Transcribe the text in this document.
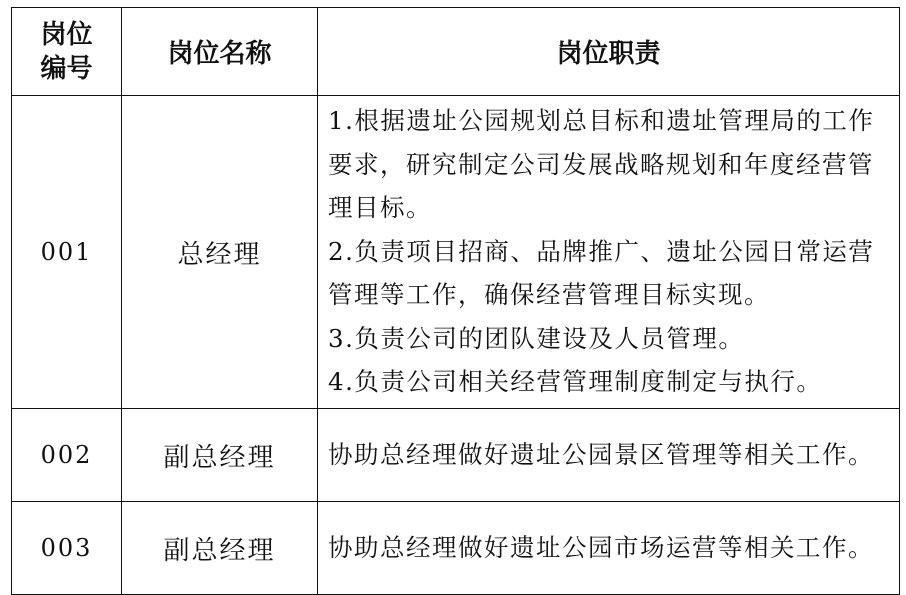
岗位
编号	岗位名称	岗位职责
001	总经理	1.根据遗址公园规划总目标和遗址管理局的工作要求，研究制定公司发展战略规划和年度经营管理目标。

2.负责项目招商、品牌推广、遗址公园日常运营管理等工作，确保经营管理目标实现。

3.负责公司的团队建设及人员管理。

4.负责公司相关经营管理制度制定与执行。

002	副总经理	协助总经理做好遗址公园景区管理等相关工作。

003	副总经理	协助总经理做好遗址公园市场运营等相关工作。
